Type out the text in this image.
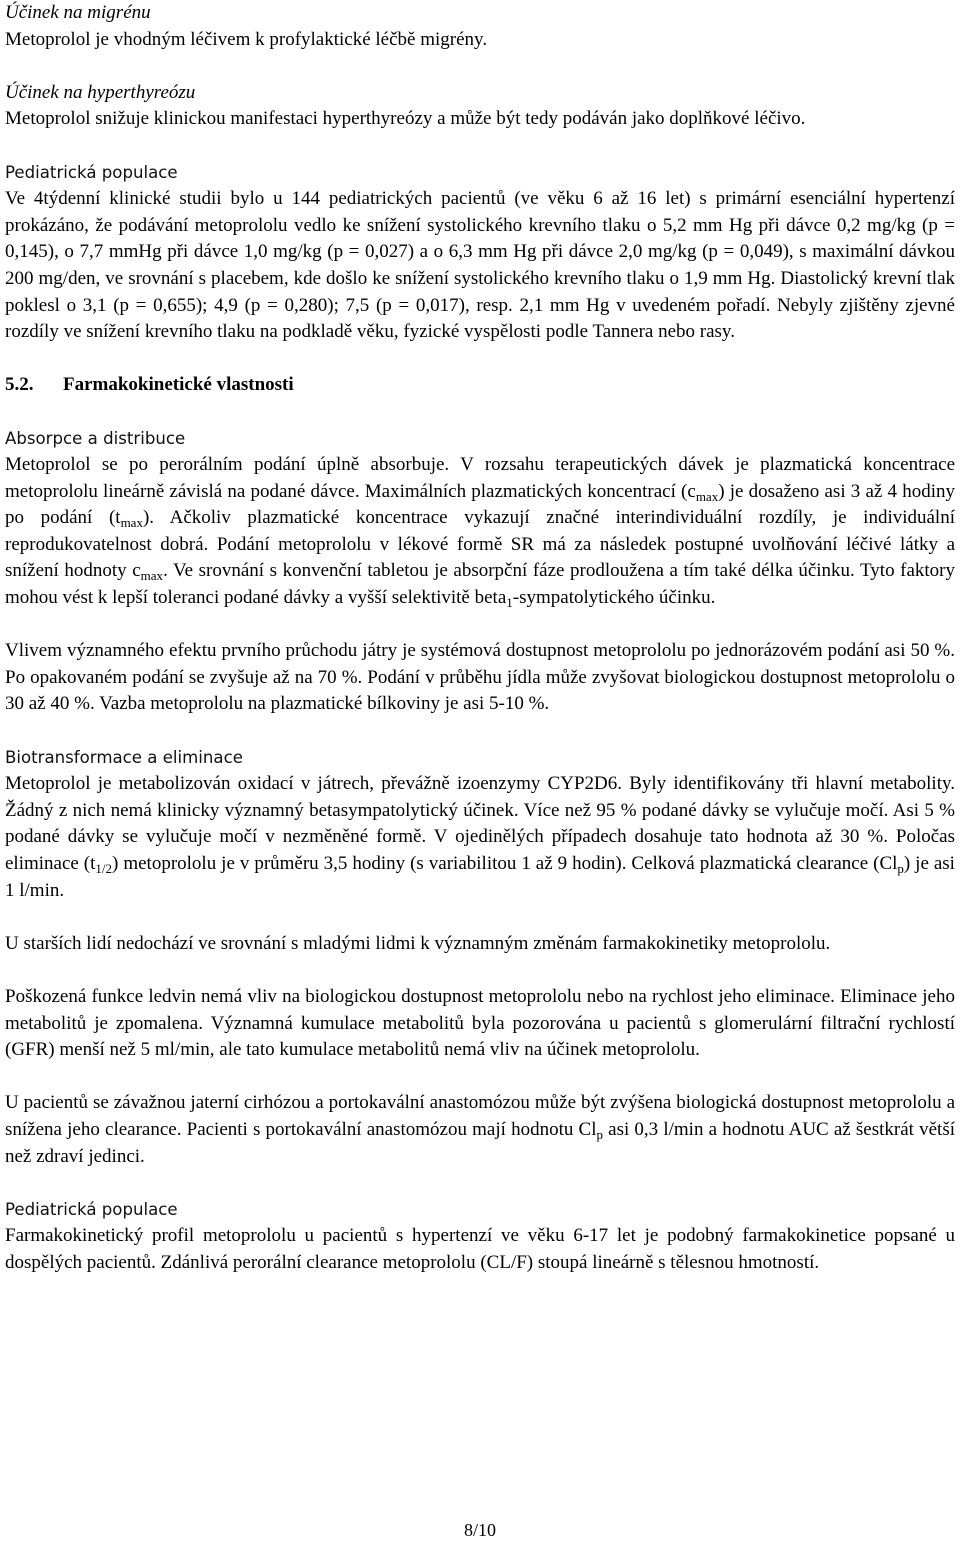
Účinek na migrénu

Metoprolol je vhodným léčivem k profylaktické léčbě migrény.

Účinek na hyperthyreózu

Metoprolol snižuje klinickou manifestaci hyperthyreózy a může být tedy podáván jako doplňkové léčivo.

Pediatrická populace

Ve 4týdenní klinické studii bylo u 144 pediatrických pacientů (ve věku 6 až 16 let) s primární esenciální hypertenzí prokázáno, že podávání metoprololu vedlo ke snížení systolického krevního tlaku o 5,2 mm Hg při dávce 0,2 mg/kg (p = 0,145), o 7,7 mmHg při dávce 1,0 mg/kg (p = 0,027) a o 6,3 mm Hg při dávce 2,0 mg/kg (p = 0,049), s maximální dávkou 200 mg/den, ve srovnání s placebem, kde došlo ke snížení systolického krevního tlaku o 1,9 mm Hg. Diastolický krevní tlak poklesl o 3,1 (p = 0,655); 4,9 (p = 0,280); 7,5 (p = 0,017), resp. 2,1 mm Hg v uvedeném pořadí. Nebyly zjištěny zjevné rozdíly ve snížení krevního tlaku na podkladě věku, fyzické vyspělosti podle Tannera nebo rasy.

5.2.	Farmakokinetické vlastnosti

Absorpce a distribuce

Metoprolol se po perorálním podání úplně absorbuje. V rozsahu terapeutických dávek je plazmatická koncentrace metoprololu lineárně závislá na podané dávce. Maximálních plazmatických koncentrací $(c_{max})$ je dosaženo asi 3 až 4 hodiny po podání $(t_{max})$. Ačkoliv plazmatické koncentrace vykazují značné interindividuální rozdíly, je individuální reprodukovatelnost dobrá. Podání metoprololu v lékové formě SR má za následek postupné uvolňování léčivé látky a snížení hodnoty $c_{max}$. Ve srovnání s konvenční tabletou je absorpční fáze prodloužena a tím také délka účinku. Tyto faktory mohou vést k lepší toleranci podané dávky a vyšší selektivitě beta$_1$-sympatolytického účinku.

Vlivem významného efektu prvního průchodu játry je systémová dostupnost metoprololu po jednorázovém podání asi 50 %. Po opakovaném podání se zvyšuje až na 70 %. Podání v průběhu jídla může zvyšovat biologickou dostupnost metoprololu o 30 až 40 %. Vazba metoprololu na plazmatické bílkoviny je asi 5-10 %.

Biotransformace a eliminace

Metoprolol je metabolizován oxidací v játrech, převážně izoenzymy CYP2D6. Byly identifikovány tři hlavní metabolity. Žádný z nich nemá klinicky významný betasympatolytický účinek. Více než 95 % podané dávky se vylučuje močí. Asi 5 % podané dávky se vylučuje močí v nezměněné formě. V ojedinělých případech dosahuje tato hodnota až 30 %. Poločas eliminace $(t_{1/2})$ metoprololu je v průměru 3,5 hodiny (s variabilitou 1 až 9 hodin). Celková plazmatická clearance $(Cl_p)$ je asi 1 l/min.

U starších lidí nedochází ve srovnání s mladými lidmi k významným změnám farmakokinetiky metoprololu.

Poškozená funkce ledvin nemá vliv na biologickou dostupnost metoprololu nebo na rychlost jeho eliminace. Eliminace jeho metabolitů je zpomalena. Významná kumulace metabolitů byla pozorována u pacientů s glomerulární filtrační rychlostí (GFR) menší než 5 ml/min, ale tato kumulace metabolitů nemá vliv na účinek metoprololu.

U pacientů se závažnou jaterní cirhózou a portokavální anastomózou může být zvýšena biologická dostupnost metoprololu a snížena jeho clearance. Pacienti s portokavální anastomózou mají hodnotu $Cl_p$ asi 0,3 l/min a hodnotu AUC až šestkrát větší než zdraví jedinci.

Pediatrická populace

Farmakokinetický profil metoprololu u pacientů s hypertenzí ve věku 6-17 let je podobný farmakokinetice popsané u dospělých pacientů. Zdánlivá perorální clearance metoprololu (CL/F) stoupá lineárně s tělesnou hmotností.

8/10
